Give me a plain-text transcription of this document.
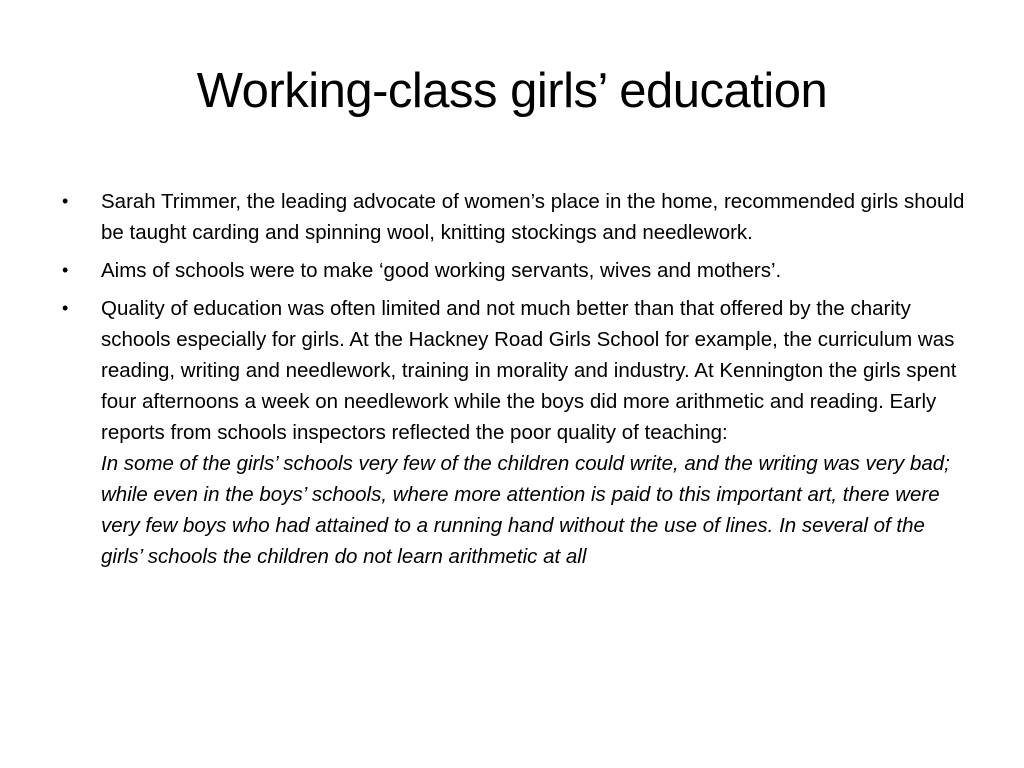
Working-class girls’ education
• Sarah Trimmer, the leading advocate of women’s place in the home, recommended girls should be taught carding and spinning wool, knitting stockings and needlework.
• Aims of schools were to make ‘good working servants, wives and mothers’.
• Quality of education was often limited and not much better than that offered by the charity schools especially for girls. At the Hackney Road Girls School for example, the curriculum was reading, writing and needlework, training in morality and industry. At Kennington the girls spent four afternoons a week on needlework while the boys did more arithmetic and reading. Early reports from schools inspectors reflected the poor quality of teaching:
In some of the girls’ schools very few of the children could write, and the writing was very bad; while even in the boys’ schools, where more attention is paid to this important art, there were very few boys who had attained to a running hand without the use of lines. In several of the girls’ schools the children do not learn arithmetic at all
